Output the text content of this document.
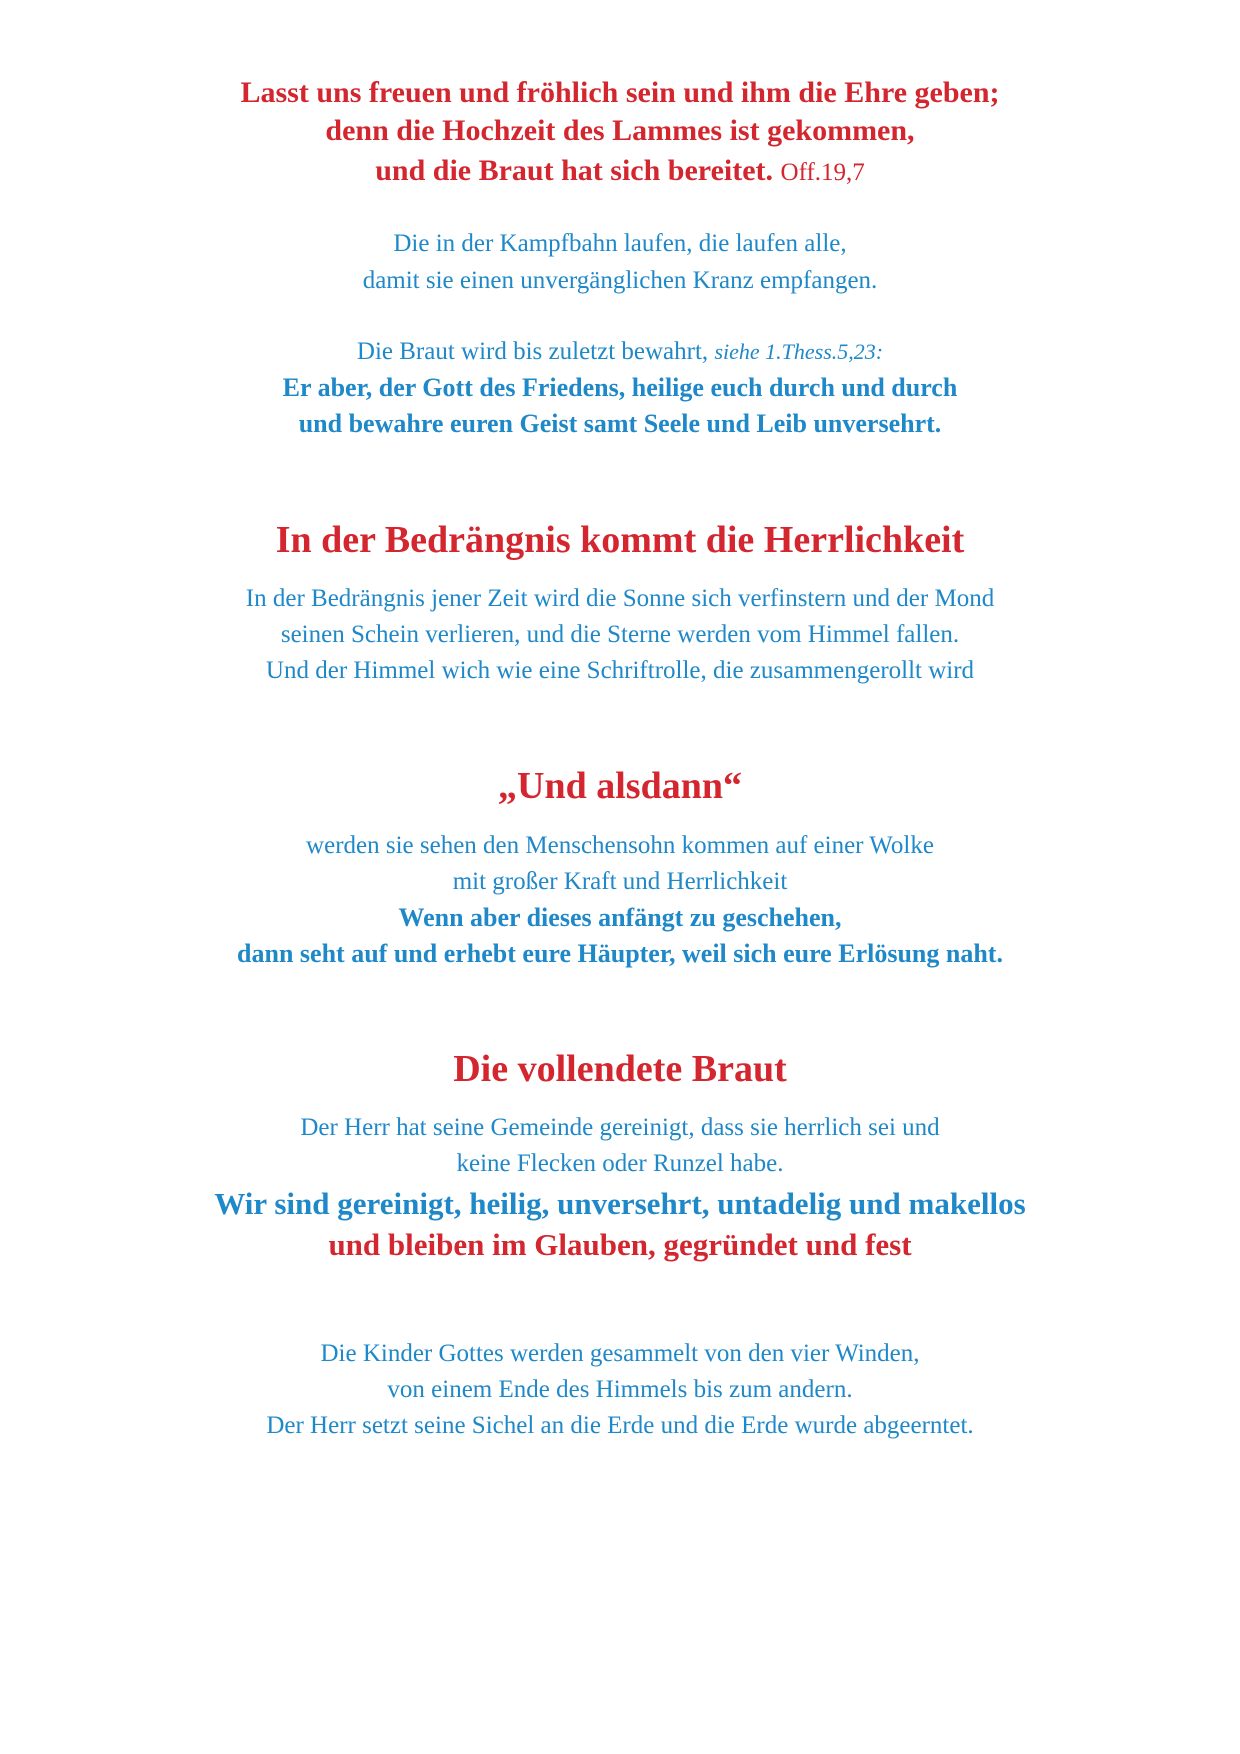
Lasst uns freuen und fröhlich sein und ihm die Ehre geben;
denn die Hochzeit des Lammes ist gekommen,
und die Braut hat sich bereitet. Off.19,7
Die in der Kampfbahn laufen, die laufen alle,
damit sie einen unvergänglichen Kranz empfangen.
Die Braut wird bis zuletzt bewahrt, siehe 1.Thess.5,23:
Er aber, der Gott des Friedens, heilige euch durch und durch
und bewahre euren Geist samt Seele und Leib unversehrt.
In der Bedrängnis kommt die Herrlichkeit
In der Bedrängnis jener Zeit wird die Sonne sich verfinstern und der Mond
seinen Schein verlieren, und die Sterne werden vom Himmel fallen.
Und der Himmel wich wie eine Schriftrolle, die zusammengerollt wird
„Und alsdann“
werden sie sehen den Menschensohn kommen auf einer Wolke
mit großer Kraft und Herrlichkeit
Wenn aber dieses anfängt zu geschehen,
dann seht auf und erhebt eure Häupter, weil sich eure Erlösung naht.
Die vollendete Braut
Der Herr hat seine Gemeinde gereinigt, dass sie herrlich sei und
keine Flecken oder Runzel habe.
Wir sind gereinigt, heilig, unversehrt, untadelig und makellos
und bleiben im Glauben, gegründet und fest
Die Kinder Gottes werden gesammelt von den vier Winden,
von einem Ende des Himmels bis zum andern.
Der Herr setzt seine Sichel an die Erde und die Erde wurde abgeerntet.
